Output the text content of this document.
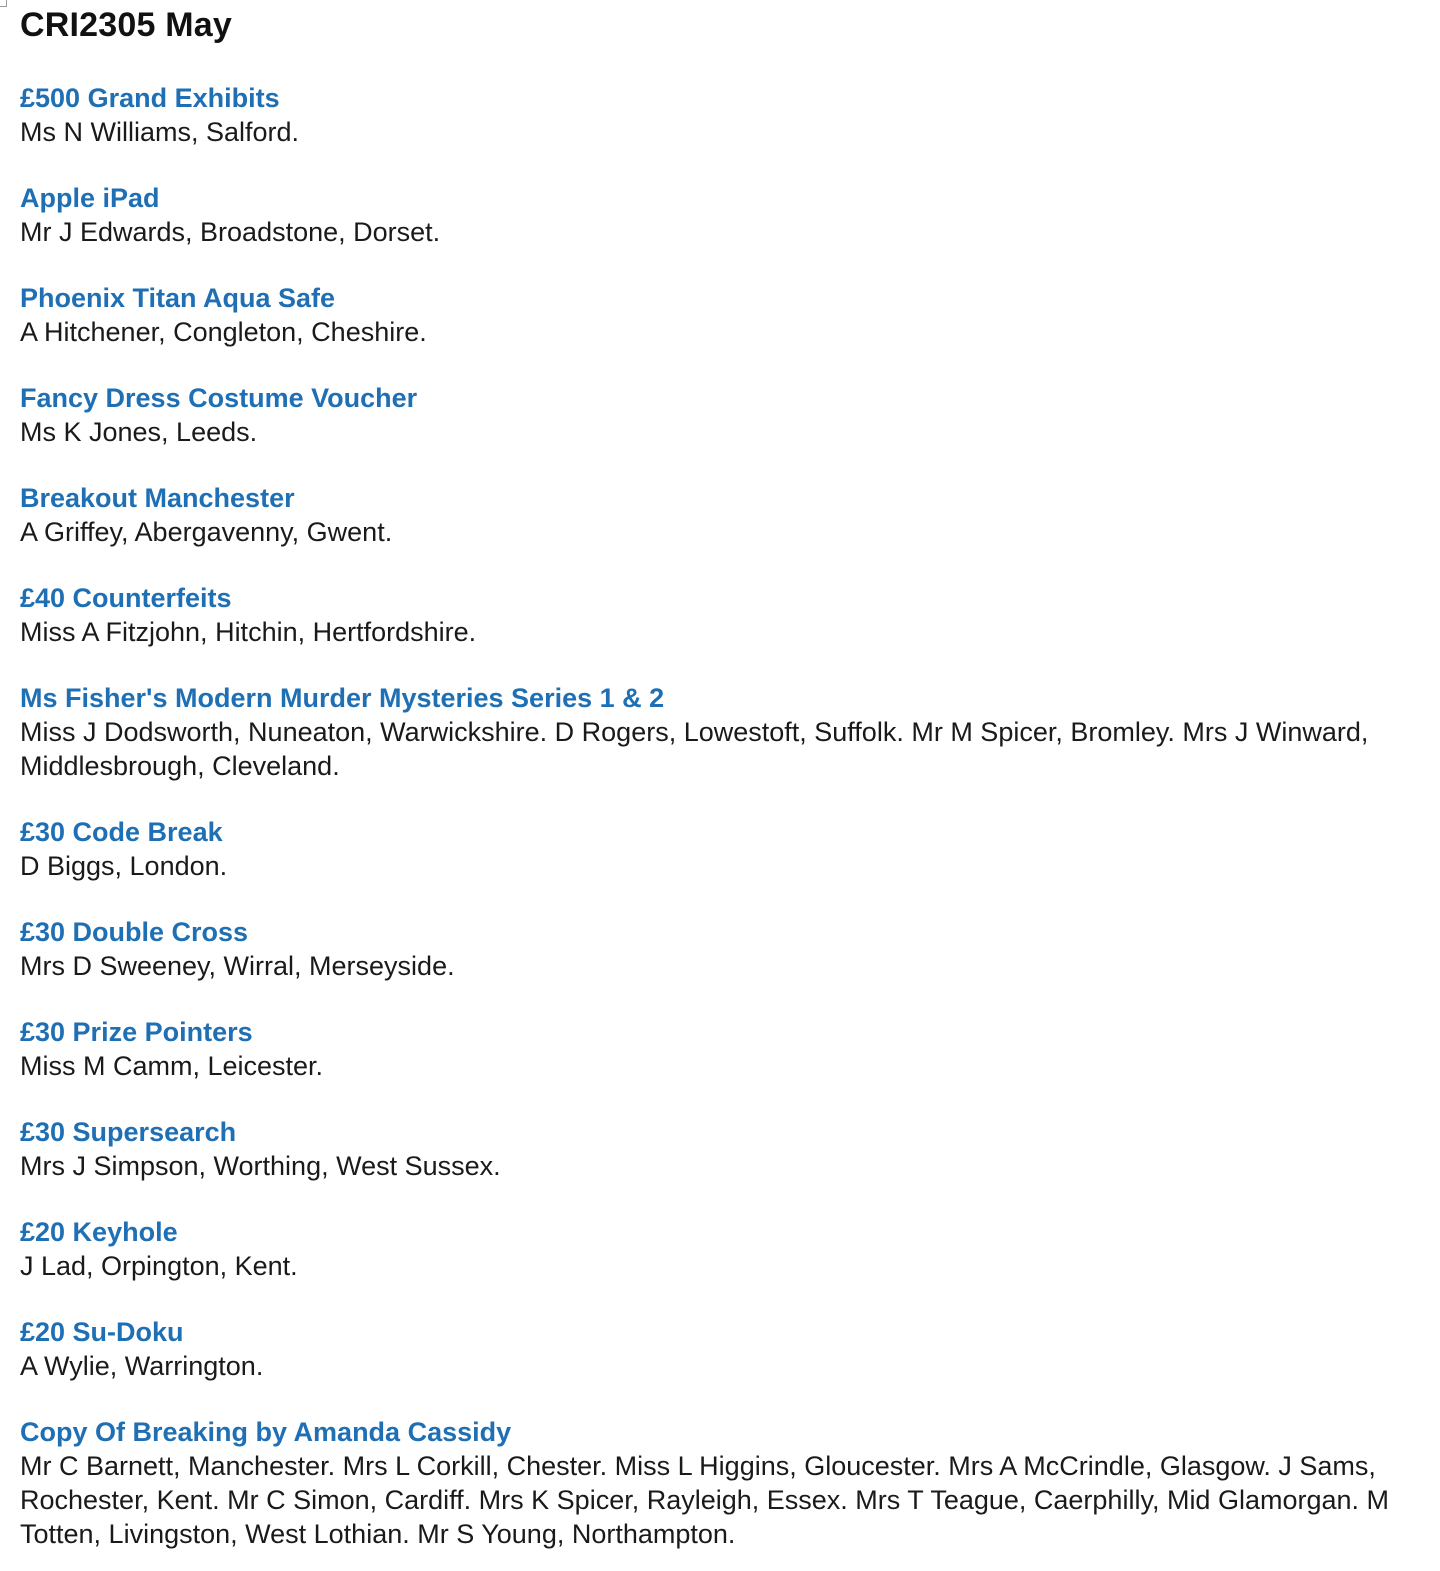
CRI2305 May
£500 Grand Exhibits
Ms N Williams, Salford.
Apple iPad
Mr J Edwards, Broadstone, Dorset.
Phoenix Titan Aqua Safe
A Hitchener, Congleton, Cheshire.
Fancy Dress Costume Voucher
Ms K Jones, Leeds.
Breakout Manchester
A Griffey, Abergavenny, Gwent.
£40 Counterfeits
Miss A Fitzjohn, Hitchin, Hertfordshire.
Ms Fisher's Modern Murder Mysteries Series 1 & 2
Miss J Dodsworth, Nuneaton, Warwickshire. D Rogers, Lowestoft, Suffolk. Mr M Spicer, Bromley. Mrs J Winward, Middlesbrough, Cleveland.
£30 Code Break
D Biggs, London.
£30 Double Cross
Mrs D Sweeney, Wirral, Merseyside.
£30 Prize Pointers
Miss M Camm, Leicester.
£30 Supersearch
Mrs J Simpson, Worthing, West Sussex.
£20 Keyhole
J Lad, Orpington, Kent.
£20 Su-Doku
A Wylie, Warrington.
Copy Of Breaking by Amanda Cassidy
Mr C Barnett, Manchester. Mrs L Corkill, Chester. Miss L Higgins, Gloucester. Mrs A McCrindle, Glasgow. J Sams, Rochester, Kent. Mr C Simon, Cardiff. Mrs K Spicer, Rayleigh, Essex. Mrs T Teague, Caerphilly, Mid Glamorgan. M Totten, Livingston, West Lothian. Mr S Young, Northampton.
